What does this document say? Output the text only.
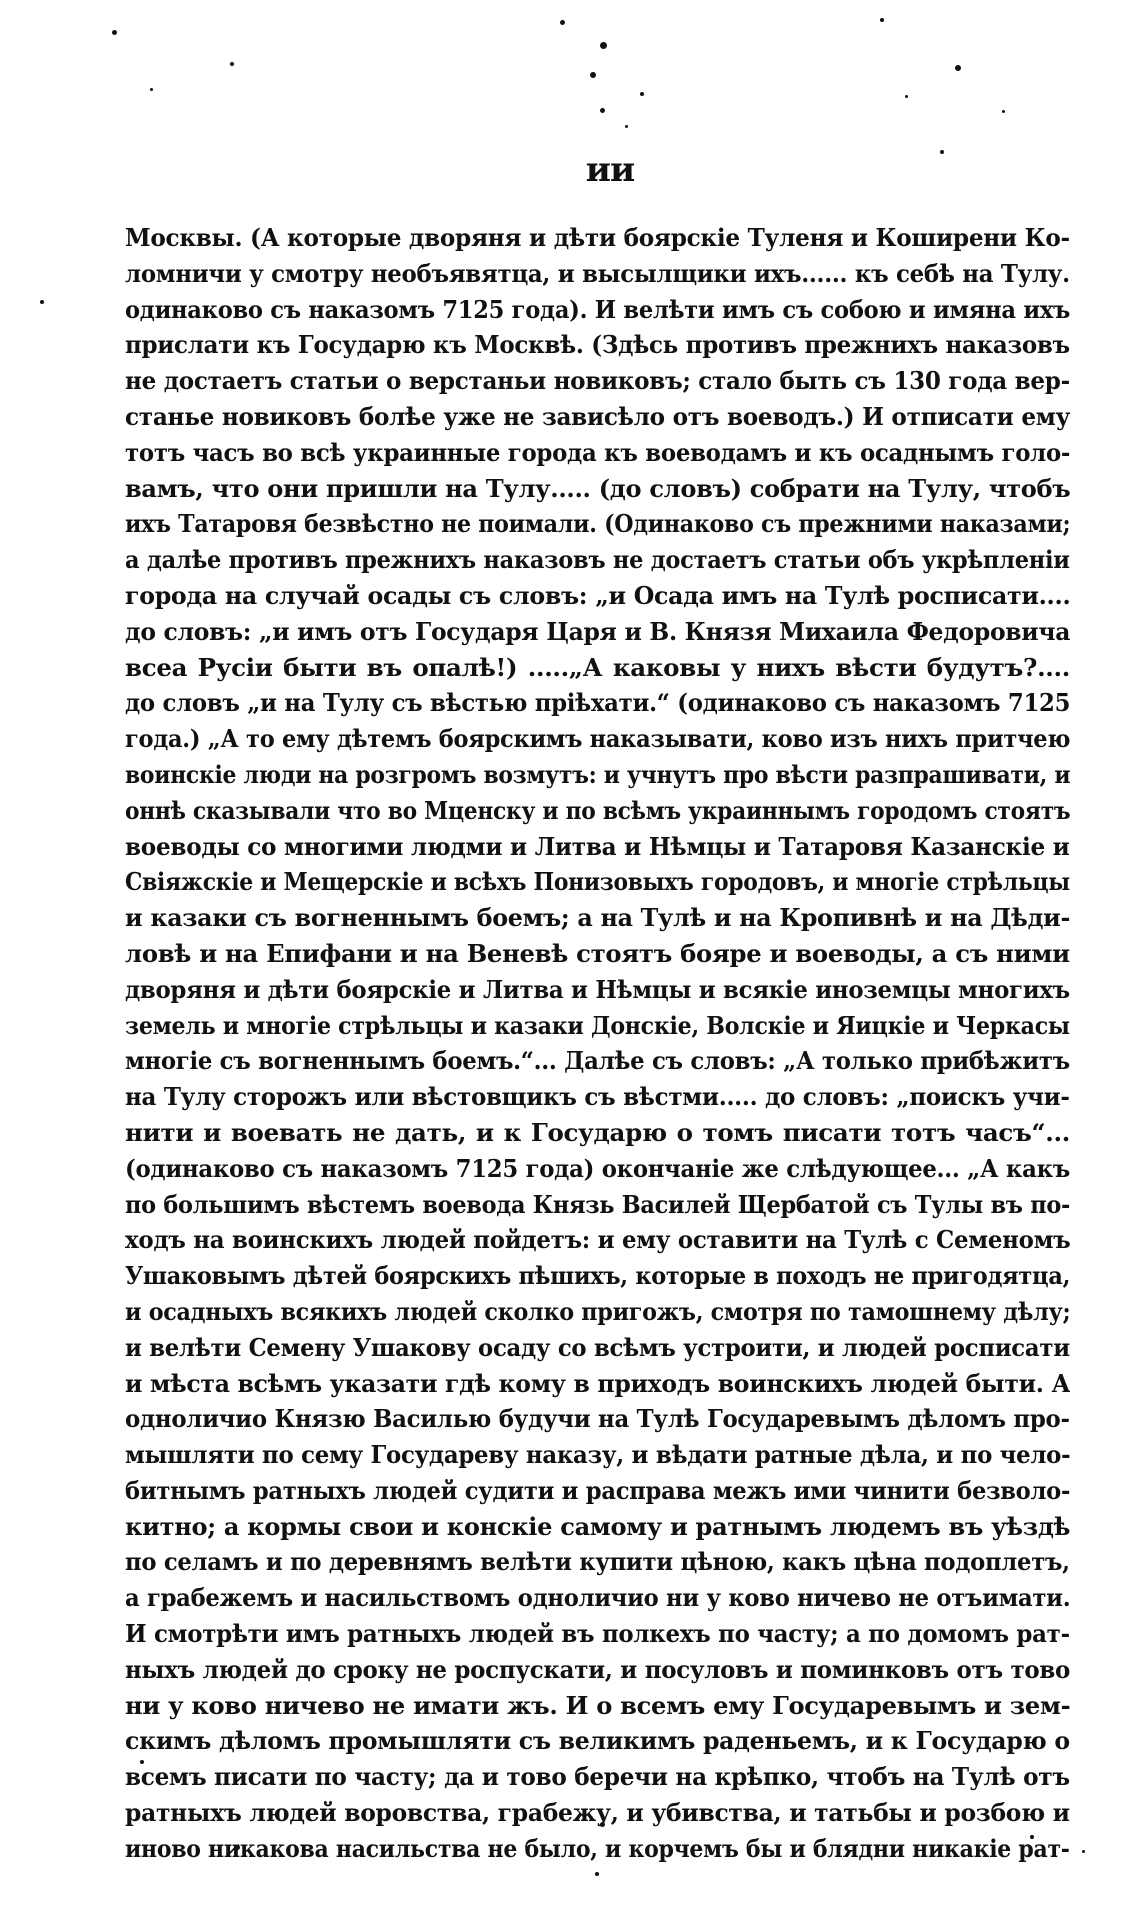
ии
Москвы. (А которые дворяня и дѣти боярскіе Туленя и Коширени Ко-
ломничи у смотру необъявятца, и высылщики ихъ...... къ себѣ на Тулу.
одинаково съ наказомъ 7125 года). И велѣти имъ съ собою и имяна ихъ
прислати къ Государю къ Москвѣ. (Здѣсь противъ прежнихъ наказовъ
не достаетъ статьи о верстаньи новиковъ; стало быть съ 130 года вер-
станье новиковъ болѣе уже не зависѣло отъ воеводъ.) И отписати ему
тотъ часъ во всѣ украинные города къ воеводамъ и къ осаднымъ голо-
вамъ, что они пришли на Тулу..... (до словъ) собрати на Тулу, чтобъ
ихъ Татаровя безвѣстно не поимали. (Одинаково съ прежними наказами;
а далѣе противъ прежнихъ наказовъ не достаетъ статьи объ укрѣпленіи
города на случай осады съ словъ: „и Осада имъ на Тулѣ росписати....
до словъ: „и имъ отъ Государя Царя и В. Князя Михаила Федоровича
всеа Русіи быти въ опалѣ!) .....„А каковы у нихъ вѣсти будутъ?....
до словъ „и на Тулу съ вѣстью пріѣхати.“ (одинаково съ наказомъ 7125
года.) „А то ему дѣтемъ боярскимъ наказывати, ково изъ нихъ притчею
воинскіе люди на розгромъ возмутъ: и учнутъ про вѣсти разпрашивати, и
оннѣ сказывали что во Мценску и по всѣмъ украиннымъ городомъ стоятъ
воеводы со многими людми и Литва и Нѣмцы и Татаровя Казанскіе и
Свіяжскіе и Мещерскіе и всѣхъ Понизовыхъ городовъ, и многіе стрѣльцы
и казаки съ вогненнымъ боемъ; а на Тулѣ и на Кропивнѣ и на Дѣди-
ловѣ и на Епифани и на Веневѣ стоятъ бояре и воеводы, а съ ними
дворяня и дѣти боярскіе и Литва и Нѣмцы и всякіе иноземцы многихъ
земель и многіе стрѣльцы и казаки Донскіе, Волскіе и Яицкіе и Черкасы
многіе съ вогненнымъ боемъ.“... Далѣе съ словъ: „А только прибѣжитъ
на Тулу сторожъ или вѣстовщикъ съ вѣстми..... до словъ: „поискъ учи-
нити и воевать не дать, и к Государю о томъ писати тотъ часъ“...
(одинаково съ наказомъ 7125 года) окончаніе же слѣдующее... „А какъ
по большимъ вѣстемъ воевода Князь Василей Щербатой съ Тулы въ по-
ходъ на воинскихъ людей пойдетъ: и ему оставити на Тулѣ с Семеномъ
Ушаковымъ дѣтей боярскихъ пѣшихъ, которые в походъ не пригодятца,
и осадныхъ всякихъ людей сколко пригожъ, смотря по тамошнему дѣлу;
и велѣти Семену Ушакову осаду со всѣмъ устроити, и людей росписати
и мѣста всѣмъ указати гдѣ кому в приходъ воинскихъ людей быти. А
одноличио Князю Василью будучи на Тулѣ Государевымъ дѣломъ про-
мышляти по сему Государеву наказу, и вѣдати ратные дѣла, и по чело-
битнымъ ратныхъ людей судити и расправа межъ ими чинити безволо-
китно; а кормы свои и конскіе самому и ратнымъ людемъ въ уѣздѣ
по селамъ и по деревнямъ велѣти купити цѣною, какъ цѣна подоплетъ,
а грабежемъ и насильствомъ одноличио ни у ково ничево не отъимати.
И смотрѣти имъ ратныхъ людей въ полкехъ по часту; а по домомъ рат-
ныхъ людей до сроку не роспускати, и посуловъ и поминковъ отъ тово
ни у ково ничево не имати жъ. И о всемъ ему Государевымъ и зем-
скимъ дѣломъ промышляти съ великимъ раденьемъ, и к Государю о
всемъ писати по часту; да и тово беречи на крѣпко, чтобъ на Тулѣ отъ
ратныхъ людей воровства, грабежу, и убивства, и татьбы и розбою и
иново никакова насильства не было, и корчемъ бы и блядни никакіе рат-
